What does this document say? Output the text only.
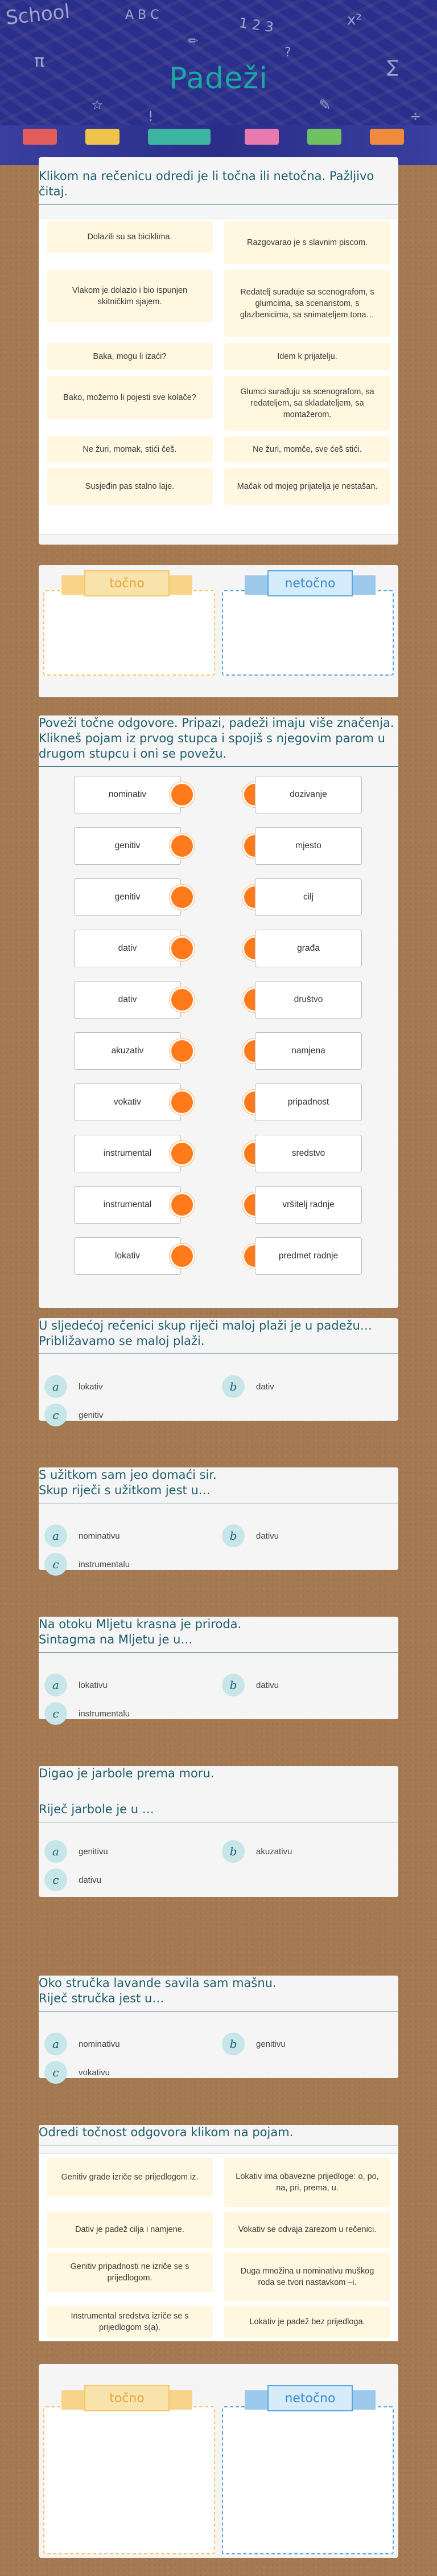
School	A B C	1 2 3	x²
π	∑
☆	✎
✏
?
!	÷
Padeži
Klikom na rečenicu odredi je li točna ili netočna. Pažljivo čitaj.
Dolazili su sa biciklima.
Razgovarao je s slavnim piscom.
Vlakom je dolazio i bio ispunjen skitničkim sjajem.
Redatelj surađuje sa scenografom, s glumcima, sa scenaristom, s glazbenicima, sa snimateljem tona…
Baka, mogu li izaći?	Idem k prijatelju.
Bako, možemo li pojesti sve kolače?
Glumci surađuju sa scenografom, sa redateljem, sa skladateljem, sa montažerom.
Ne žuri, momak, stići češ.	Ne žuri, momče, sve ćeš stići.
Susjeđin pas stalno laje.	Mačak od mojeg prijatelja je nestašan.
točno	netočno
Poveži točne odgovore. Pripazi, padeži imaju više značenja. Klikneš pojam iz prvog stupca i spojiš s njegovim parom u drugom stupcu i oni se povežu.
nominativ	dozivanje
genitiv	mjesto
genitiv	cilj
dativ	građa
dativ	društvo
akuzativ	namjena
vokativ	pripadnost
instrumental	sredstvo
instrumental	vršitelj radnje
lokativ	predmet radnje
U sljedećoj rečenici skup riječi maloj plaži je u padežu…
Približavamo se maloj plaži.
a	lokativ	b	dativ
c	genitiv
S užitkom sam jeo domaći sir.
Skup riječi s užitkom jest u…
a	nominativu	b	dativu
c	instrumentalu
Na otoku Mljetu krasna je priroda.
Sintagma na Mljetu je u…
a	lokativu	b	dativu
c	instrumentalu
Digao je jarbole prema moru.
Riječ jarbole je u …
a	genitivu	b	akuzativu
c	dativu
Oko stručka lavande savila sam mašnu.
Riječ stručka jest u…
a	nominativu	b	genitivu
c	vokativu
Odredi točnost odgovora klikom na pojam.
Genitiv grade izriče se prijedlogom iz.	Lokativ ima obavezne prijedloge: o, po, na, pri, prema, u.
Dativ je padež cilja i namjene.	Vokativ se odvaja zarezom u rečenici.
Genitiv pripadnosti ne izriče se s prijedlogom.
Duga množina u nominativu muškog roda se tvori nastavkom –i.
Instrumental sredstva izriče se s prijedlogom s(a).
Lokativ je padež bez prijedloga.
točno	netočno
